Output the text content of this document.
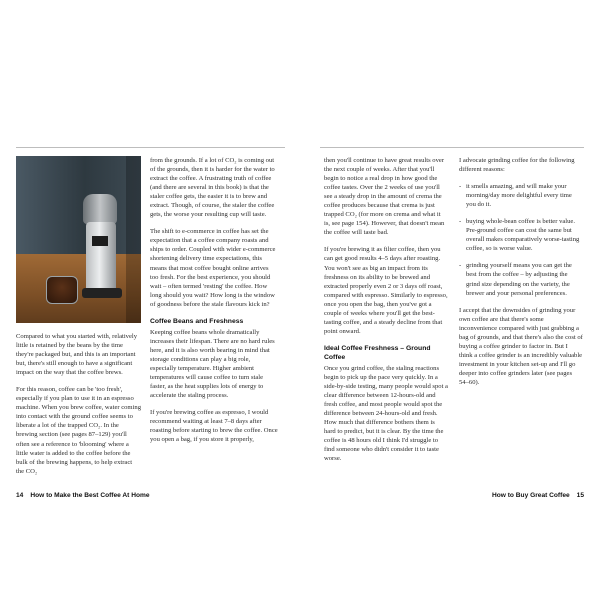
Compared to what you started with, relatively little is retained by the beans by the time they're packaged but, and this is an important but, there's still enough to have a significant impact on the way that the coffee brews.

For this reason, coffee can be 'too fresh', especially if you plan to use it in an espresso machine. When you brew coffee, water coming into contact with the ground coffee seems to liberate a lot of the trapped CO₂. In the brewing section (see pages 87–129) you'll often see a reference to 'blooming' where a little water is added to the coffee before the bulk of the brewing happens, to help extract the CO₂

from the grounds. If a lot of CO₂ is coming out of the grounds, then it is harder for the water to extract the coffee. A frustrating truth of coffee (and there are several in this book) is that the staler coffee gets, the easier it is to brew and extract. Though, of course, the staler the coffee gets, the worse your resulting cup will taste.

The shift to e-commerce in coffee has set the expectation that a coffee company roasts and ships to order. Coupled with wider e-commerce shortening delivery time expectations, this means that most coffee bought online arrives too fresh. For the best experience, you should wait – often termed 'resting' the coffee. How long should you wait? How long is the window of goodness before the stale flavours kick in?

Coffee Beans and Freshness

Keeping coffee beans whole dramatically increases their lifespan. There are no hard rules here, and it is also worth bearing in mind that storage conditions can play a big role, especially temperature. Higher ambient temperatures will cause coffee to turn stale faster, as the heat supplies lots of energy to accelerate the staling process.

If you're brewing coffee as espresso, I would recommend waiting at least 7–8 days after roasting before starting to brew the coffee. Once you open a bag, if you store it properly,

14 How to Make the Best Coffee At Home

then you'll continue to have great results over the next couple of weeks. After that you'll begin to notice a real drop in how good the coffee tastes. Over the 2 weeks of use you'll see a steady drop in the amount of crema the coffee produces because that crema is just trapped CO₂ (for more on crema and what it is, see page 154). However, that doesn't mean the coffee will taste bad.

If you're brewing it as filter coffee, then you can get good results 4–5 days after roasting. You won't see as big an impact from its freshness on its ability to be brewed and extracted properly even 2 or 3 days off roast, compared with espresso. Similarly to espresso, once you open the bag, then you've got a couple of weeks where you'll get the best-tasting coffee, and a steady decline from that point onward.

Ideal Coffee Freshness – Ground Coffee

Once you grind coffee, the staling reactions begin to pick up the pace very quickly. In a side-by-side testing, many people would spot a clear difference between 12-hours-old and fresh coffee, and most people would spot the difference between 24-hours-old and fresh. How much that difference bothers them is hard to predict, but it is clear. By the time the coffee is 48 hours old I think I'd struggle to find someone who didn't consider it to taste worse.

I advocate grinding coffee for the following different reasons:

- it smells amazing, and will make your morning/day more delightful every time you do it.
- buying whole-bean coffee is better value. Pre-ground coffee can cost the same but overall makes comparatively worse-tasting coffee, so is worse value.
- grinding yourself means you can get the best from the coffee – by adjusting the grind size depending on the variety, the brewer and your personal preferences.

I accept that the downsides of grinding your own coffee are that there's some inconvenience compared with just grabbing a bag of grounds, and that there's also the cost of buying a coffee grinder to factor in. But I think a coffee grinder is an incredibly valuable investment in your kitchen set-up and I'll go deeper into coffee grinders later (see pages 54–60).

How to Buy Great Coffee 15
